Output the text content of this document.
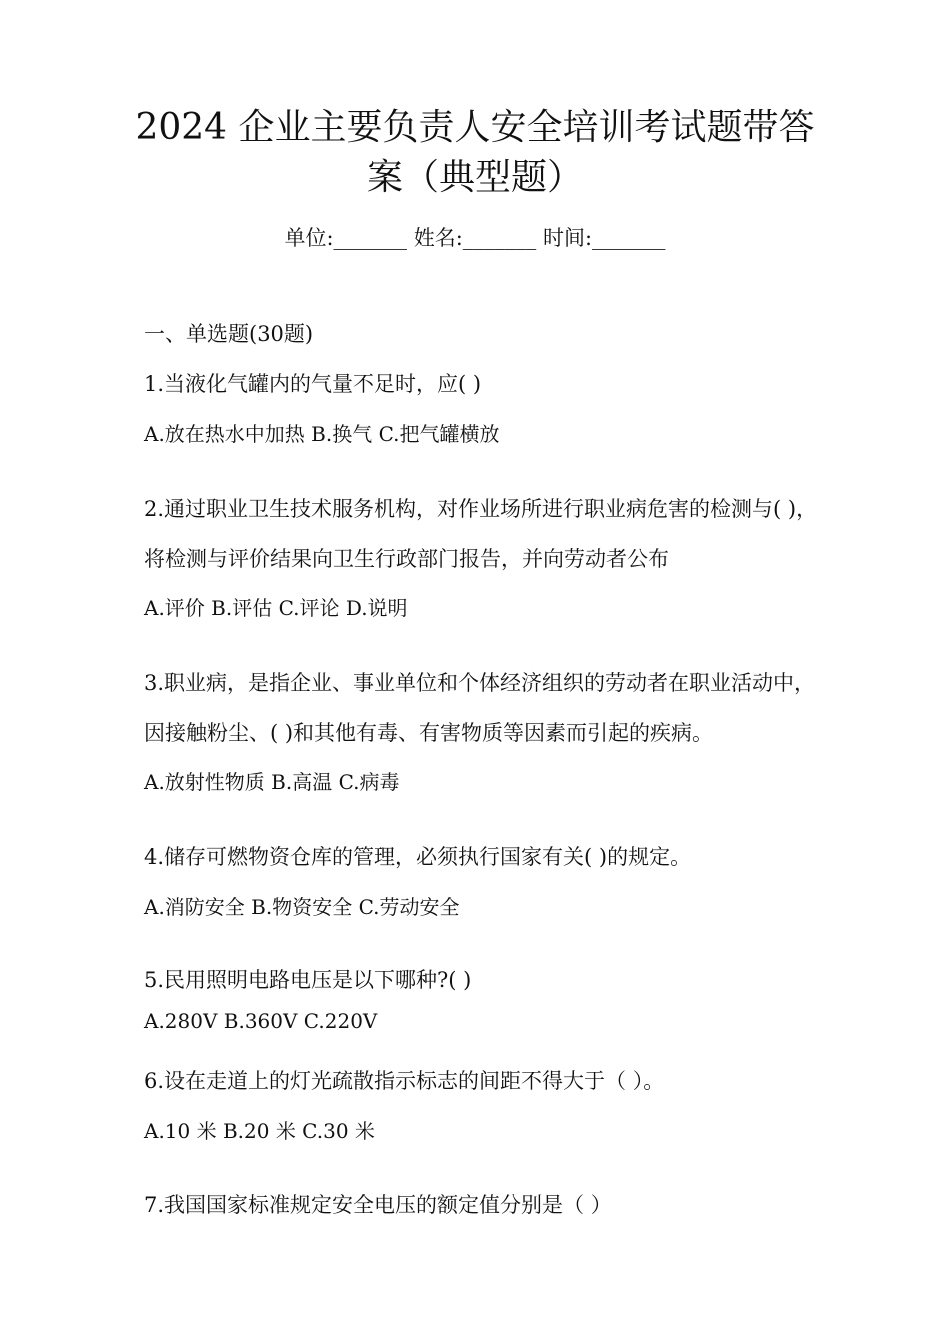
2024 企业主要负责人安全培训考试题带答
案（典型题）
单位:_______ 姓名:_______ 时间:_______
一、单选题(30题)
1.当液化气罐内的气量不足时，应( )
A.放在热水中加热 B.换气 C.把气罐横放
2.通过职业卫生技术服务机构，对作业场所进行职业病危害的检测与( )，
将检测与评价结果向卫生行政部门报告，并向劳动者公布
A.评价 B.评估 C.评论 D.说明
3.职业病，是指企业、事业单位和个体经济组织的劳动者在职业活动中，
因接触粉尘、( )和其他有毒、有害物质等因素而引起的疾病。
A.放射性物质 B.高温 C.病毒
4.储存可燃物资仓库的管理，必须执行国家有关( )的规定。
A.消防安全 B.物资安全 C.劳动安全
5.民用照明电路电压是以下哪种?( )
A.280V B.360V C.220V
6.设在走道上的灯光疏散指示标志的间距不得大于（ ）。
A.10 米 B.20 米 C.30 米
7.我国国家标准规定安全电压的额定值分别是（ ）
